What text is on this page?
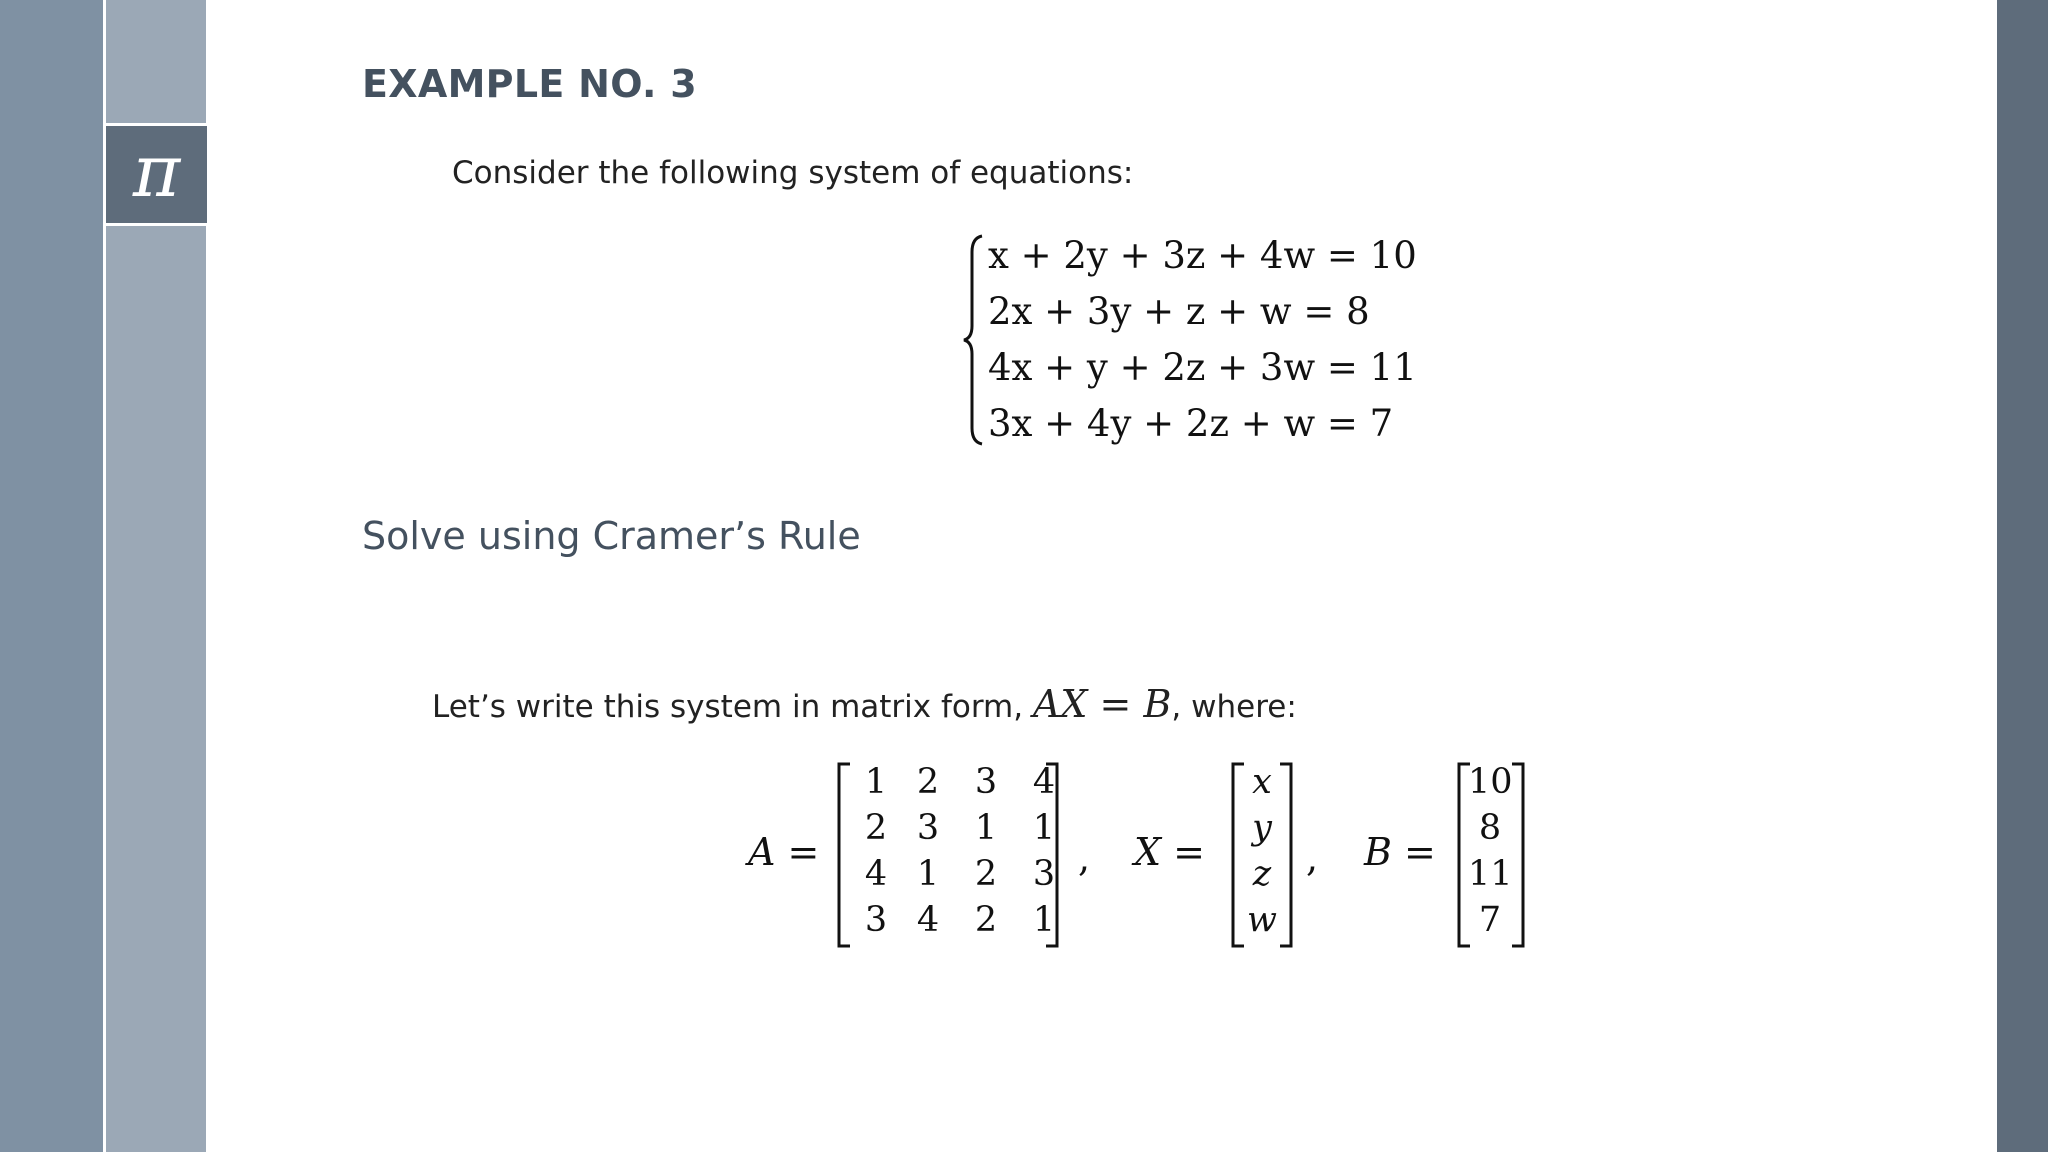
π
EXAMPLE NO. 3
Consider the following system of equations:
x + 2y + 3z + 4w = 10
2x + 3y + z + w = 8
4x + y + 2z + 3w = 11
3x + 4y + 2z + w = 7
Solve using Cramer’s Rule
Let’s write this system in matrix form, AX = B, where:
A =
1 2	3	4
2 3	1	1
4 1	2	3
3 4	2	1
, X =
x
y
z
w
, B =
10
8
11
7
